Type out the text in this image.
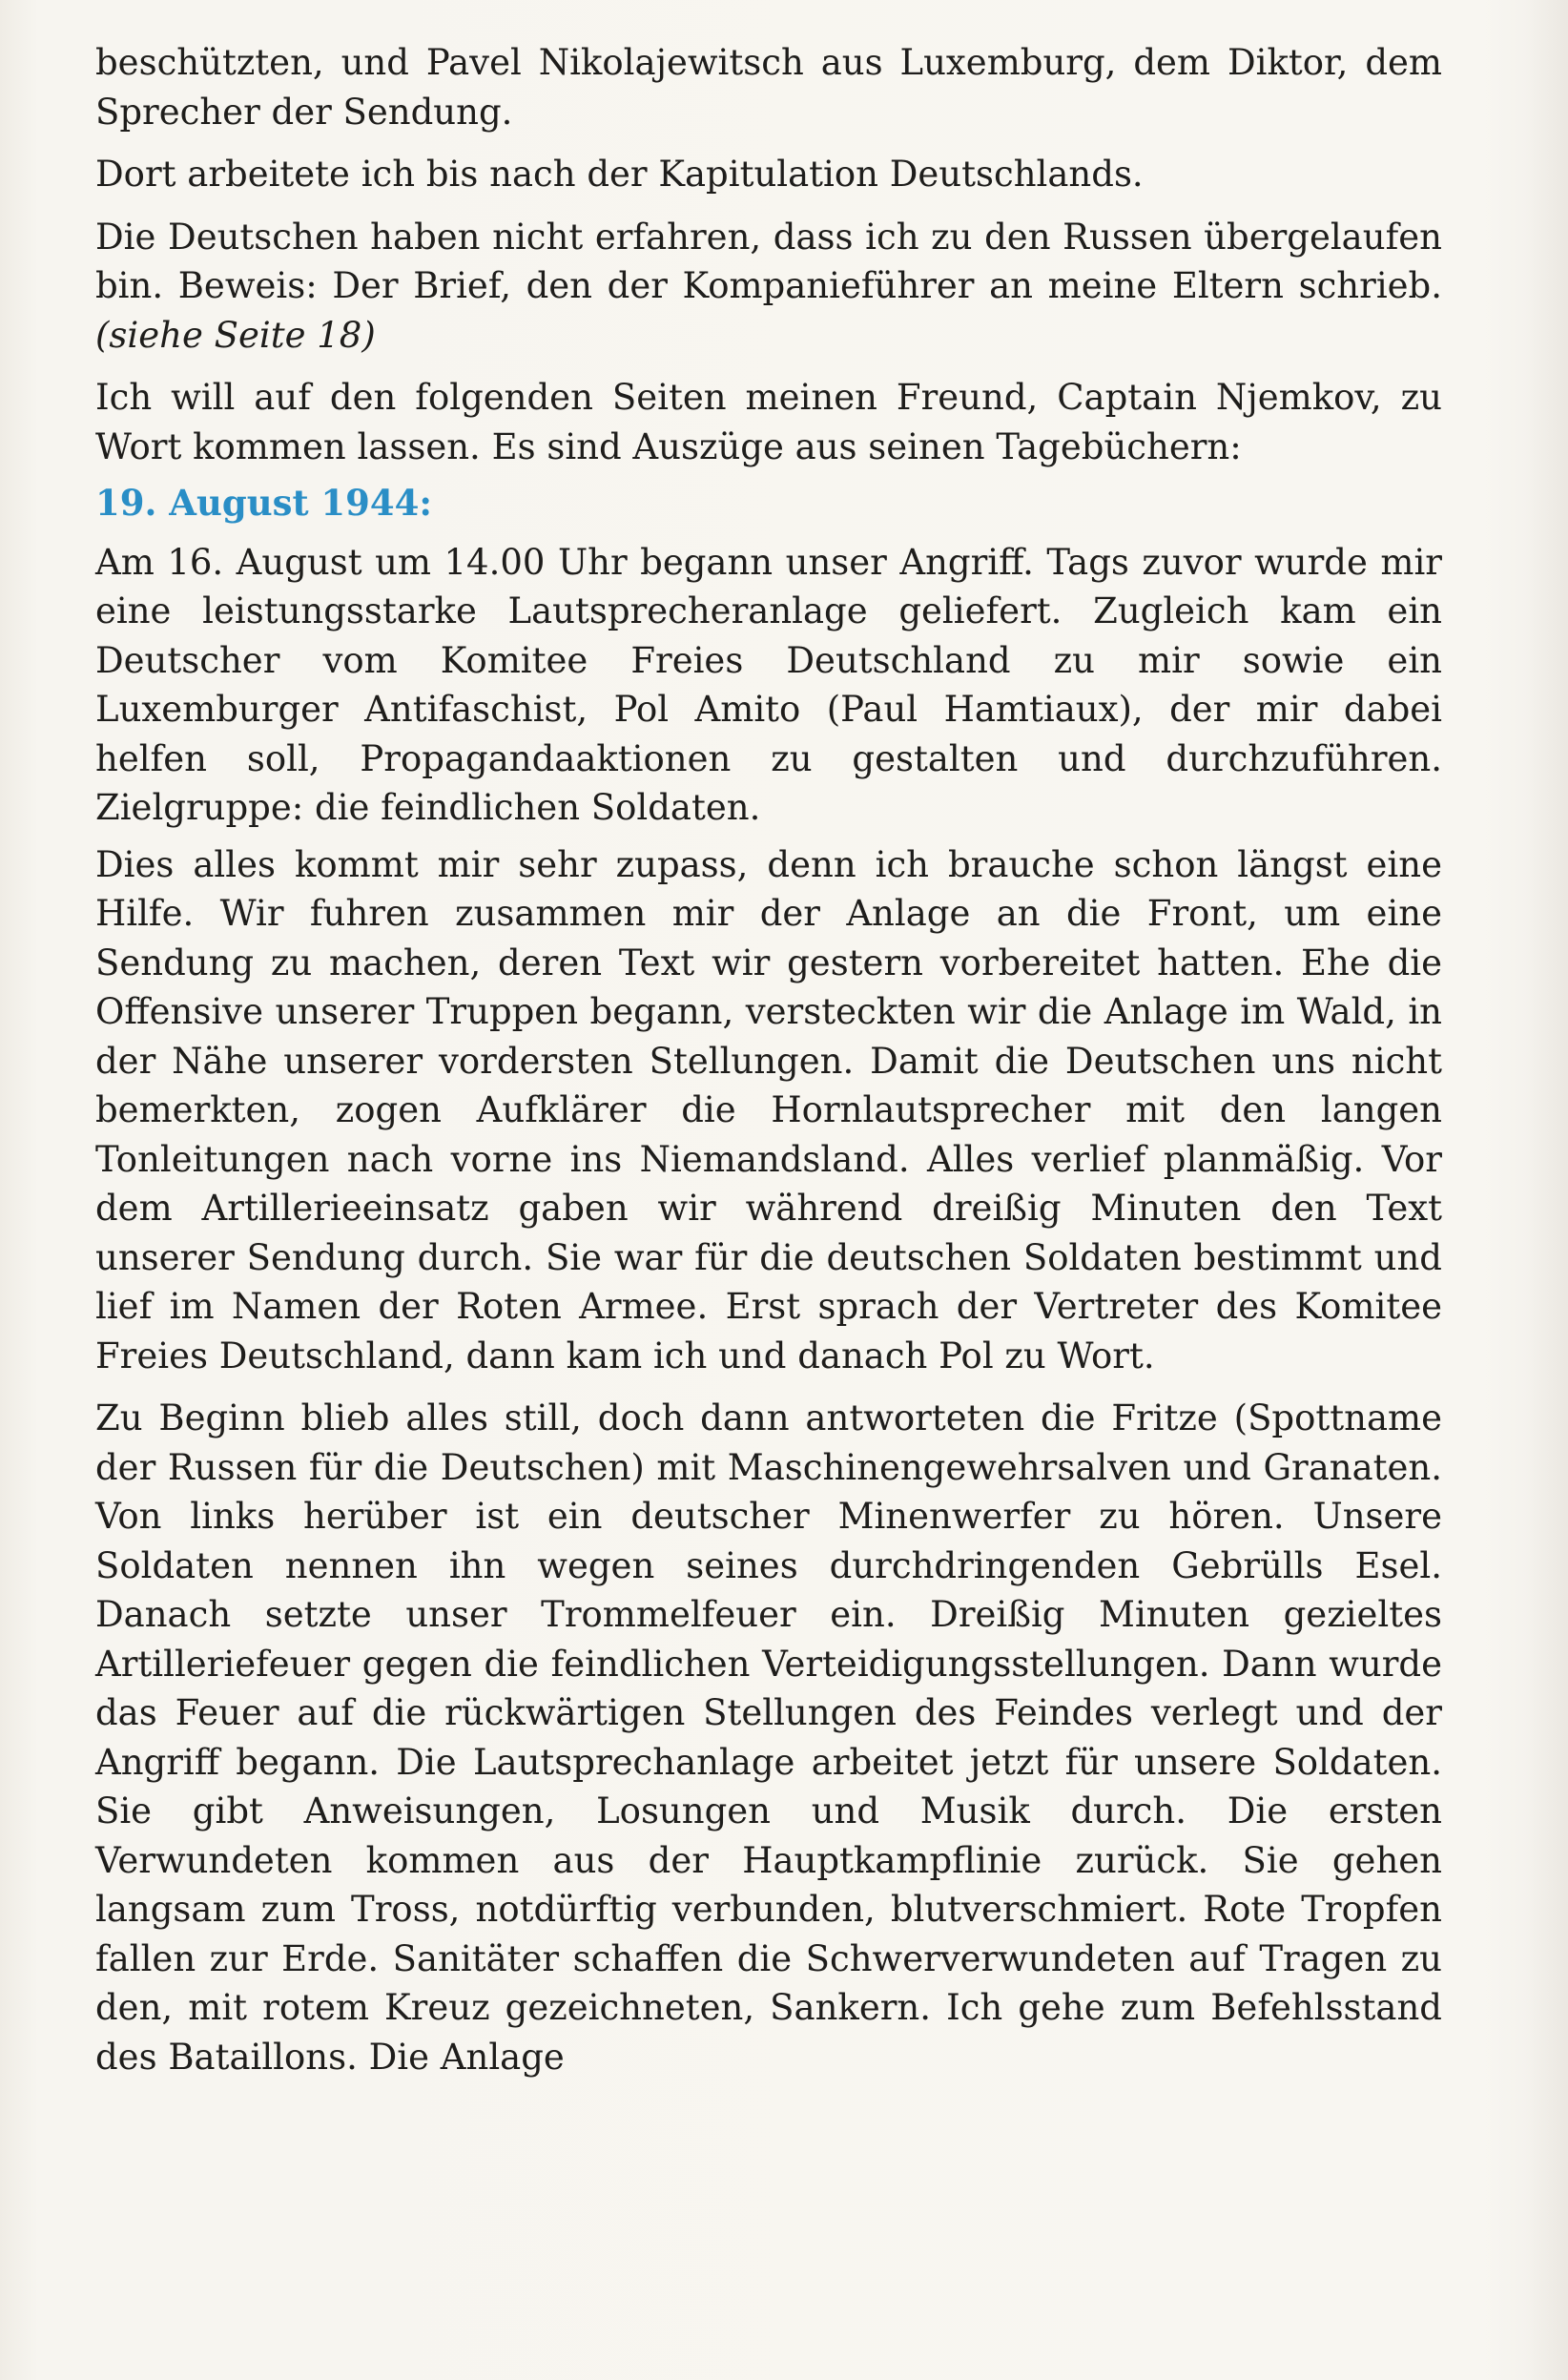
beschützten, und Pavel Nikolajewitsch aus Luxemburg, dem Diktor, dem Sprecher der Sendung.

Dort arbeitete ich bis nach der Kapitulation Deutschlands.

Die Deutschen haben nicht erfahren, dass ich zu den Russen übergelaufen bin. Beweis: Der Brief, den der Kompanieführer an meine Eltern schrieb. (siehe Seite 18)

Ich will auf den folgenden Seiten meinen Freund, Captain Njemkov, zu Wort kommen lassen. Es sind Auszüge aus seinen Tagebüchern:

19. August 1944:

Am 16. August um 14.00 Uhr begann unser Angriff. Tags zuvor wurde mir eine leistungsstarke Lautsprecheranlage geliefert. Zugleich kam ein Deutscher vom Komitee Freies Deutschland zu mir sowie ein Luxemburger Antifaschist, Pol Amito (Paul Hamtiaux), der mir dabei helfen soll, Propagandaaktionen zu gestalten und durchzuführen. Zielgruppe: die feindlichen Soldaten.

Dies alles kommt mir sehr zupass, denn ich brauche schon längst eine Hilfe. Wir fuhren zusammen mir der Anlage an die Front, um eine Sendung zu machen, deren Text wir gestern vorbereitet hatten. Ehe die Offensive unserer Truppen begann, versteckten wir die Anlage im Wald, in der Nähe unserer vordersten Stellungen. Damit die Deutschen uns nicht bemerkten, zogen Aufklärer die Hornlautsprecher mit den langen Tonleitungen nach vorne ins Niemandsland. Alles verlief planmäßig. Vor dem Artillerieeinsatz gaben wir während dreißig Minuten den Text unserer Sendung durch. Sie war für die deutschen Soldaten bestimmt und lief im Namen der Roten Armee. Erst sprach der Vertreter des Komitee Freies Deutschland, dann kam ich und danach Pol zu Wort.

Zu Beginn blieb alles still, doch dann antworteten die Fritze (Spottname der Russen für die Deutschen) mit Maschinengewehrsalven und Granaten. Von links herüber ist ein deutscher Minenwerfer zu hören. Unsere Soldaten nennen ihn wegen seines durchdringenden Gebrülls Esel. Danach setzte unser Trommelfeuer ein. Dreißig Minuten gezieltes Artilleriefeuer gegen die feindlichen Verteidigungsstellungen. Dann wurde das Feuer auf die rückwärtigen Stellungen des Feindes verlegt und der Angriff begann. Die Lautsprechanlage arbeitet jetzt für unsere Soldaten. Sie gibt Anweisungen, Losungen und Musik durch. Die ersten Verwundeten kommen aus der Hauptkampflinie zurück. Sie gehen langsam zum Tross, notdürftig verbunden, blutverschmiert. Rote Tropfen fallen zur Erde. Sanitäter schaffen die Schwerverwundeten auf Tragen zu den, mit rotem Kreuz gezeichneten, Sankern. Ich gehe zum Befehlsstand des Bataillons. Die Anlage
